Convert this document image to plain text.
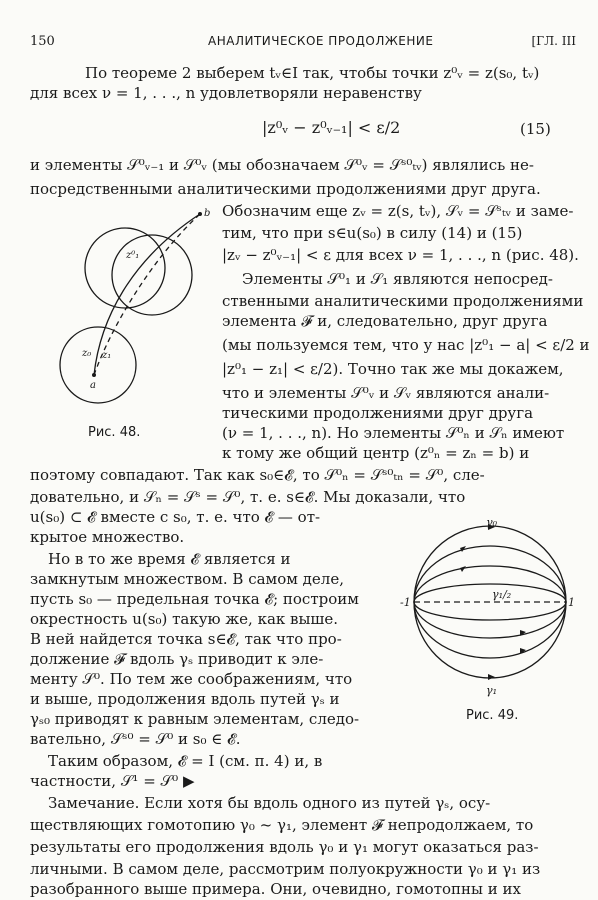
150	АНАЛИТИЧЕСКОЕ ПРОДОЛЖЕНИЕ	[ГЛ. III
По теореме 2 выберем tᵥ∈I так, чтобы точки z⁰ᵥ = z(s₀, tᵥ)
для всех ν = 1, . . ., n удовлетворяли неравенству
|z⁰ᵥ − z⁰ᵥ₋₁| < ε/2	(15)
и элементы 𝒮⁰ᵥ₋₁ и 𝒮⁰ᵥ (мы обозначаем 𝒮⁰ᵥ = 𝒮ˢ⁰ₜᵥ) являлись не-
посредственными аналитическими продолжениями друг друга.
Обозначим еще zᵥ = z(s, tᵥ), 𝒮ᵥ = 𝒮ˢₜᵥ и заме-
тим, что при s∈u(s₀) в силу (14) и (15)
|zᵥ − z⁰ᵥ₋₁| < ε для всех ν = 1, . . ., n (рис. 48).
Элементы 𝒮⁰₁ и 𝒮₁ являются непосред-
ственными аналитическими продолжениями
элемента 𝓕 и, следовательно, друг друга
(мы пользуемся тем, что у нас |z⁰₁ − a| < ε/2 и
|z⁰₁ − z₁| < ε/2). Точно так же мы докажем,
что и элементы 𝒮⁰ᵥ и 𝒮ᵥ являются анали-
тическими продолжениями друг друга
(ν = 1, . . ., n). Но элементы 𝒮⁰ₙ и 𝒮ₙ имеют
к тому же общий центр (z⁰ₙ = zₙ = b) и
поэтому совпадают. Так как s₀∈𝓔, то 𝒮⁰ₙ = 𝒮ˢ⁰ₜₙ = 𝒮⁰, сле-
довательно, и 𝒮ₙ = 𝒮ˢ = 𝒮⁰, т. е. s∈𝓔. Мы доказали, что
u(s₀) ⊂ 𝓔 вместе с s₀, т. е. что 𝓔 — от-
крытое множество.
Но в то же время 𝓔 является и
замкнутым множеством. В самом деле,
пусть s₀ — предельная точка 𝓔; построим
окрестность u(s₀) такую же, как выше.
В ней найдется точка s∈𝓔, так что про-
должение 𝓕 вдоль γₛ приводит к эле-
менту 𝒮⁰. По тем же соображениям, что
и выше, продолжения вдоль путей γₛ и
γₛ₀ приводят к равным элементам, следо-
вательно, 𝒮ˢ⁰ = 𝒮⁰ и s₀ ∈ 𝓔.
Таким образом, 𝓔 = I (см. п. 4) и, в
частности, 𝒮¹ = 𝒮⁰ ▶
Замечание. Если хотя бы вдоль одного из путей γₛ, осу-
ществляющих гомотопию γ₀ ~ γ₁, элемент 𝓕 непродолжаем, то
результаты его продолжения вдоль γ₀ и γ₁ могут оказаться раз-
личными. В самом деле, рассмотрим полуокружности γ₀ и γ₁ из
разобранного выше примера. Они, очевидно, гомотопны и их
b
a
z₀ z₁
z⁰₁
Рис. 48.
γ₀
γ₁
γ₁/₂
-1	1
Рис. 49.
